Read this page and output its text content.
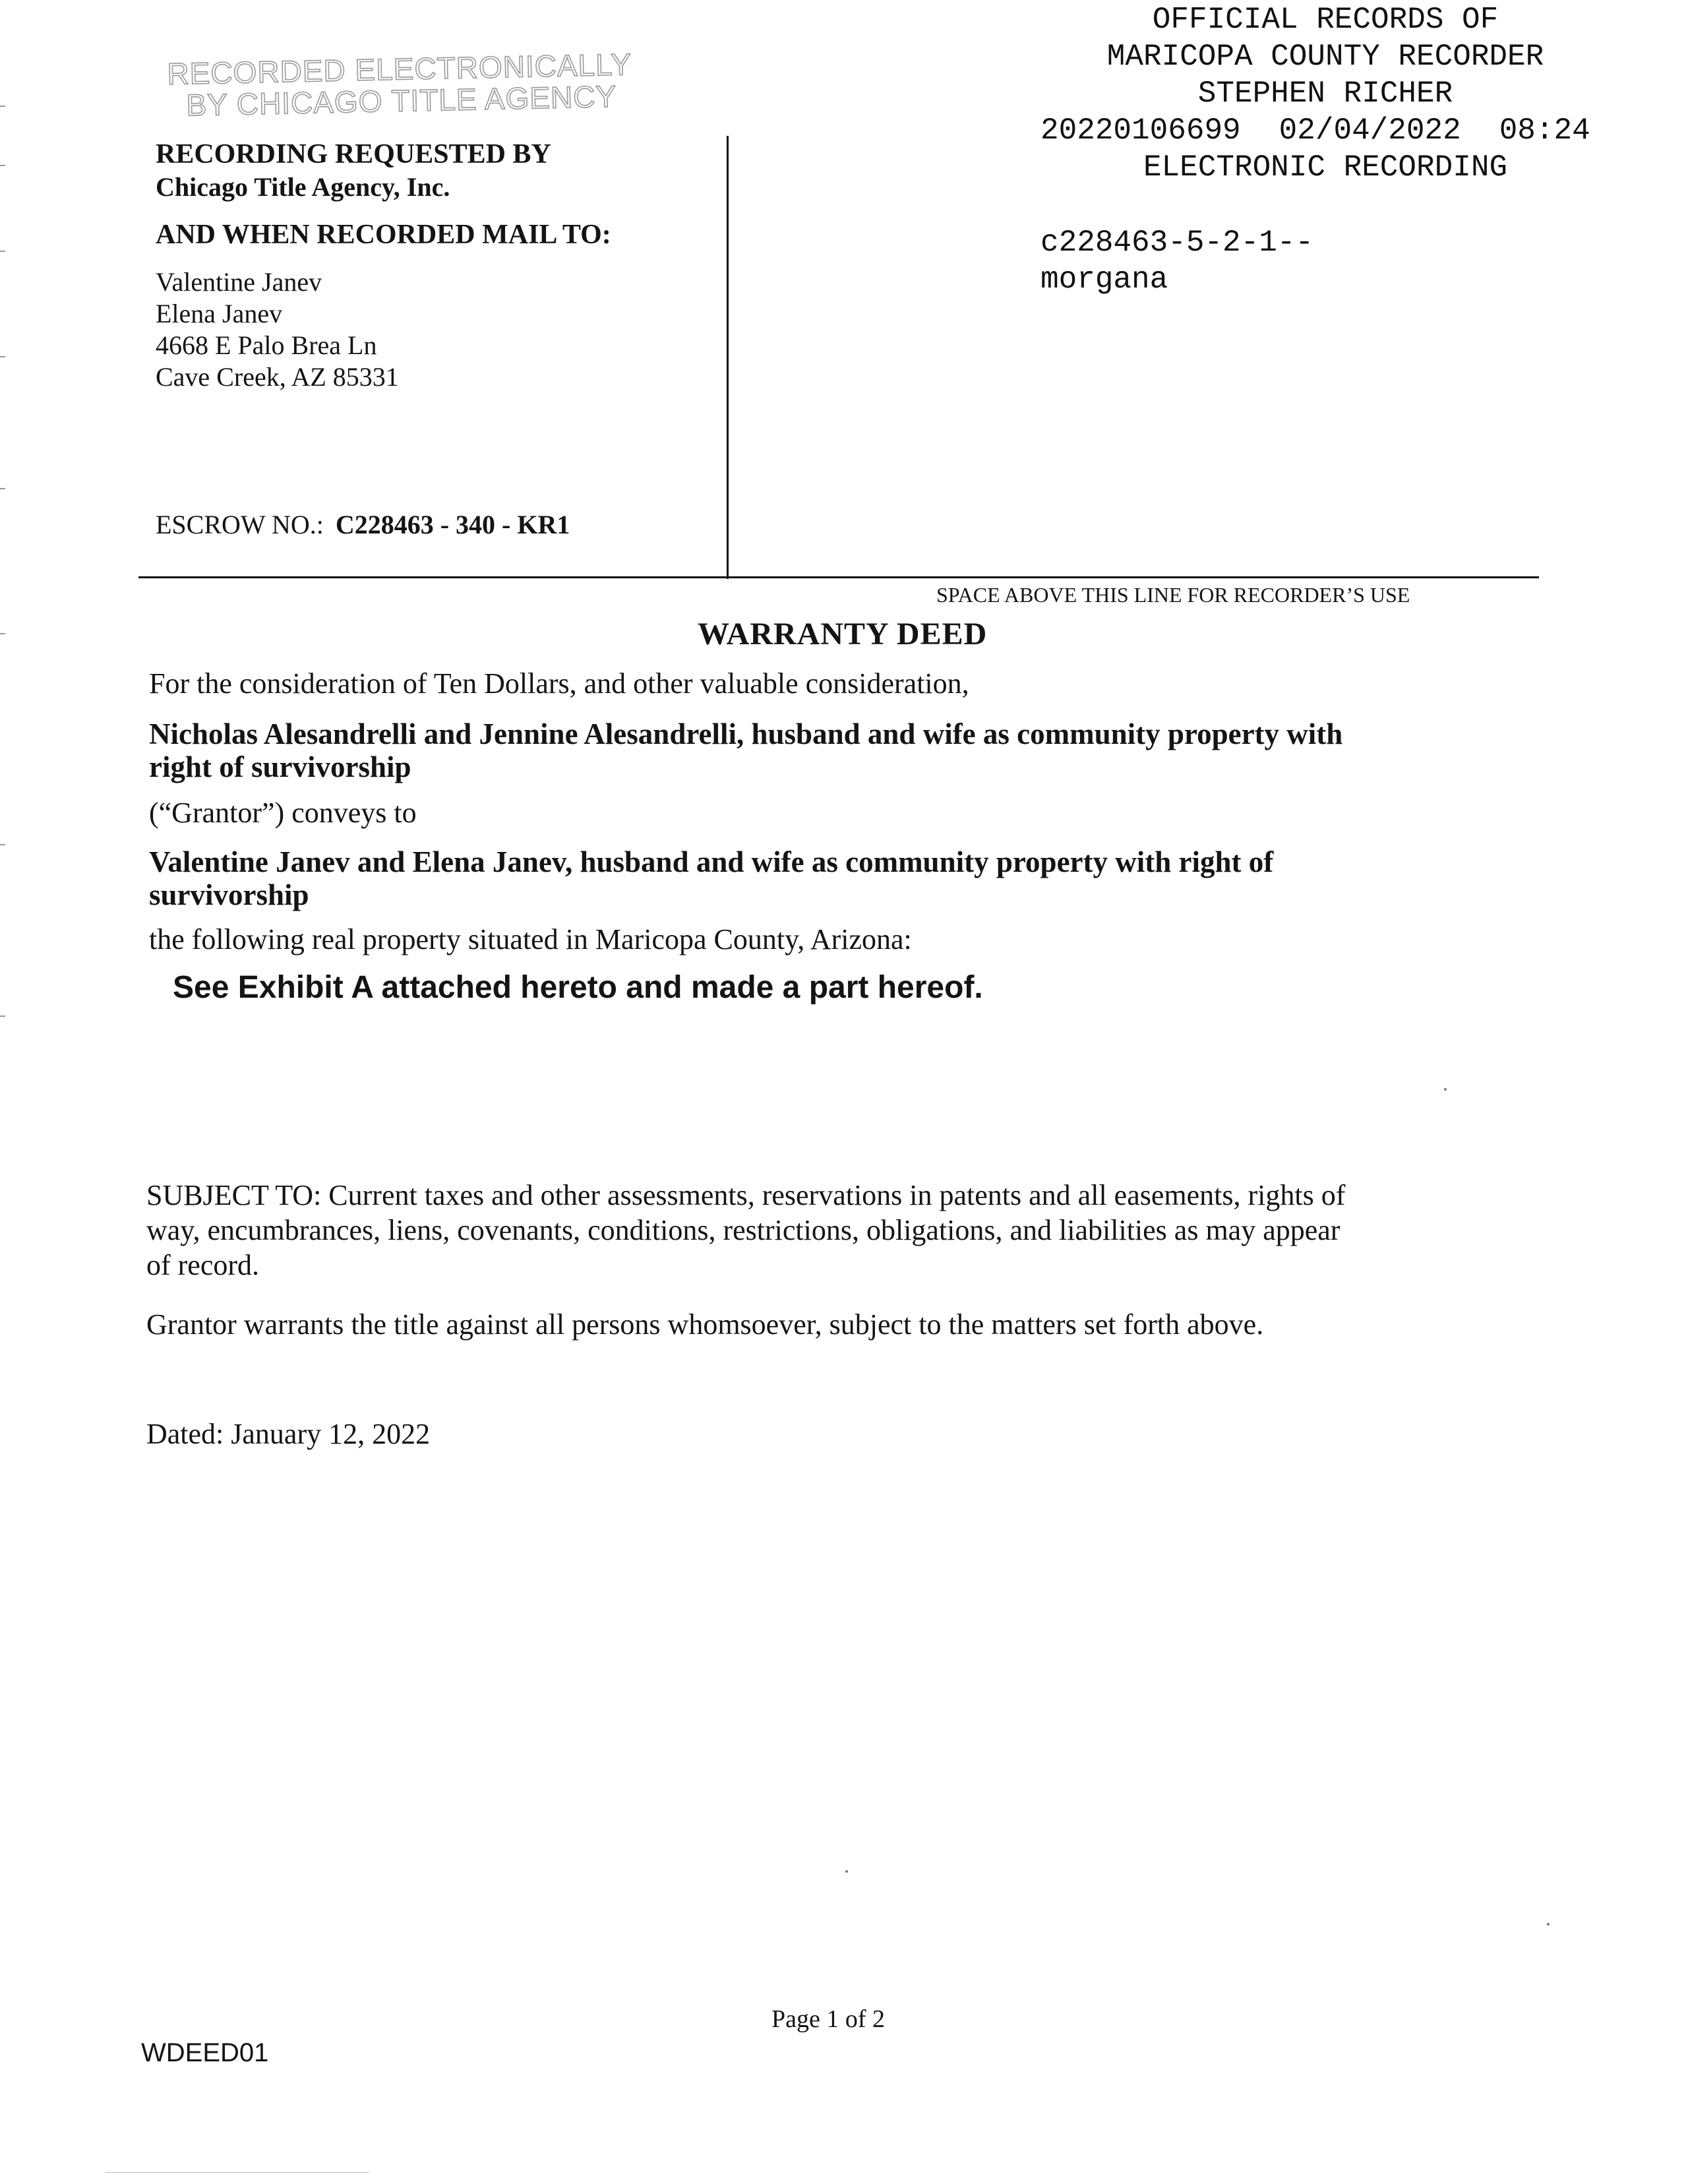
RECORDED ELECTRONICALLY
BY CHICAGO TITLE AGENCY
RECORDING REQUESTED BY
Chicago Title Agency, Inc.
AND WHEN RECORDED MAIL TO:
Valentine Janev
Elena Janev
4668 E Palo Brea Ln
Cave Creek, AZ 85331
ESCROW NO.: C228463 - 340 - KR1
OFFICIAL RECORDS OF
MARICOPA COUNTY RECORDER
STEPHEN RICHER
20220106699 02/04/2022 08:24
ELECTRONIC RECORDING
c228463-5-2-1--
morgana
SPACE ABOVE THIS LINE FOR RECORDER’S USE
WARRANTY DEED
For the consideration of Ten Dollars, and other valuable consideration,
Nicholas Alesandrelli and Jennine Alesandrelli, husband and wife as community property with
right of survivorship
(“Grantor”) conveys to
Valentine Janev and Elena Janev, husband and wife as community property with right of
survivorship
the following real property situated in Maricopa County, Arizona:
See Exhibit A attached hereto and made a part hereof.
SUBJECT TO: Current taxes and other assessments, reservations in patents and all easements, rights of
way, encumbrances, liens, covenants, conditions, restrictions, obligations, and liabilities as may appear
of record.
Grantor warrants the title against all persons whomsoever, subject to the matters set forth above.
Dated: January 12, 2022
Page 1 of 2
WDEED01
